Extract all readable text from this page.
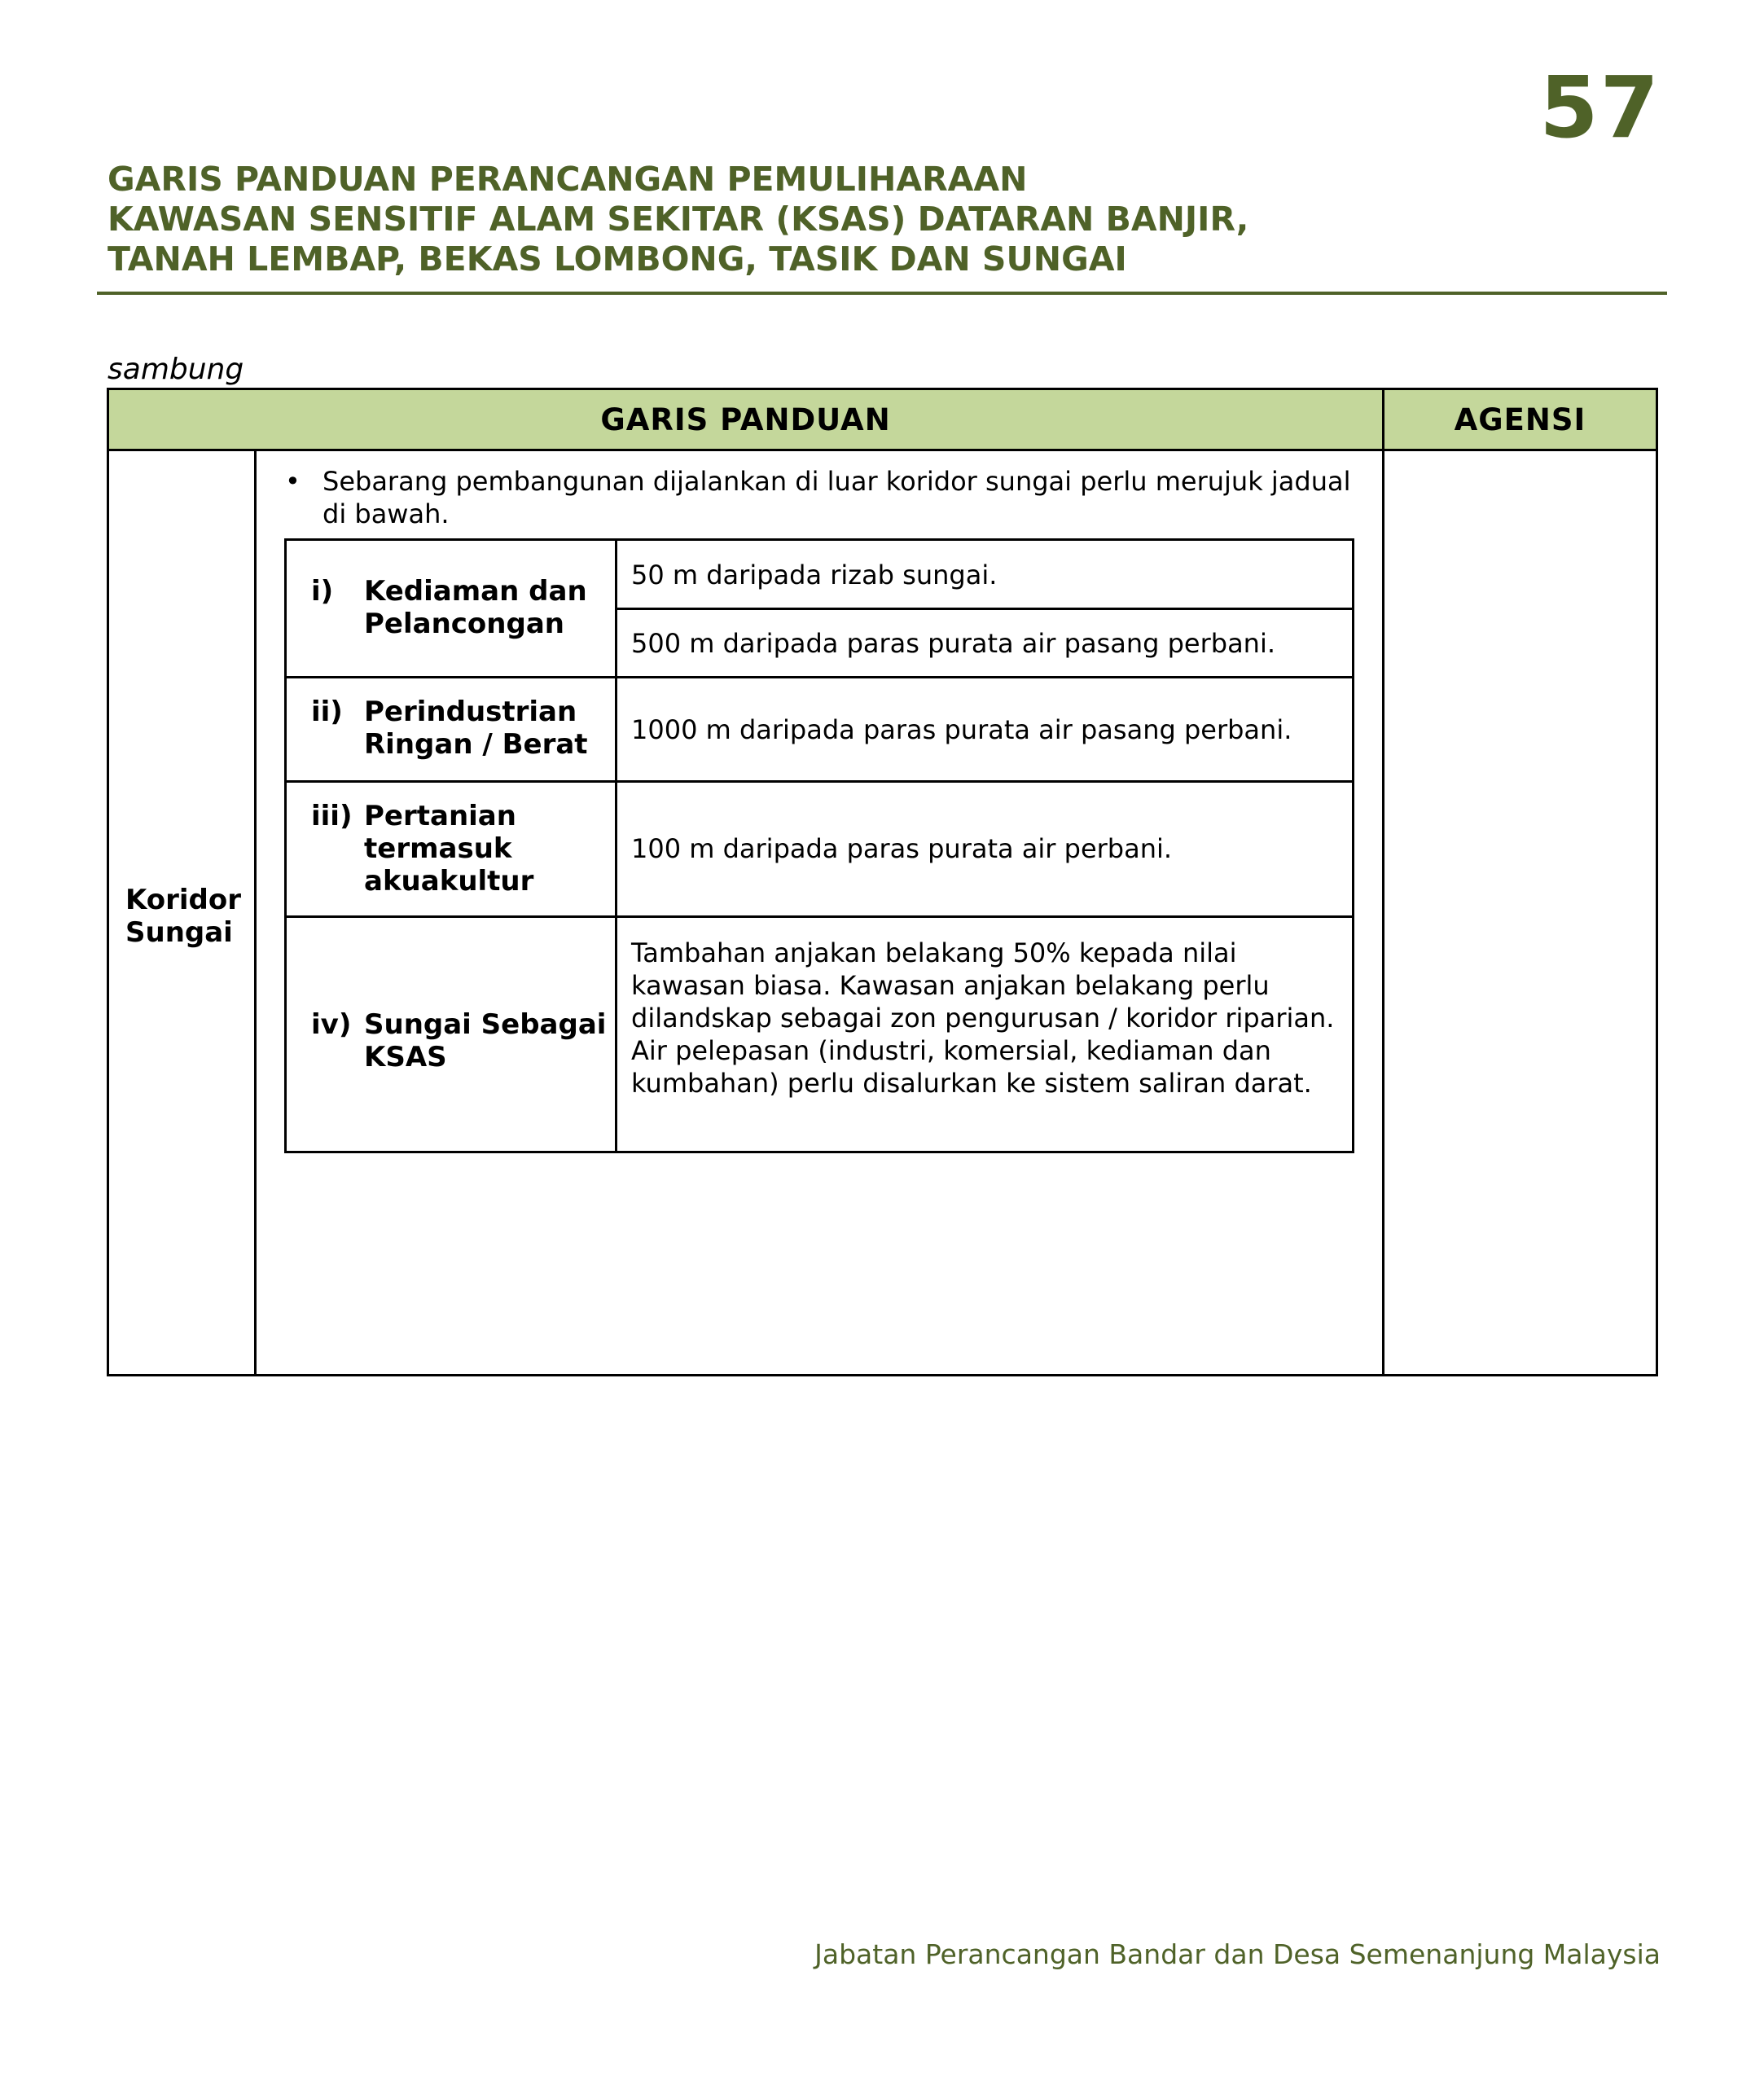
57
GARIS PANDUAN PERANCANGAN PEMULIHARAAN
KAWASAN SENSITIF ALAM SEKITAR (KSAS) DATARAN BANJIR,
TANAH LEMBAP, BEKAS LOMBONG, TASIK DAN SUNGAI
sambung
GARIS PANDUAN	AGENSI
Koridor
Sungai
• Sebarang pembangunan dijalankan di luar koridor sungai perlu merujuk jadual di bawah.
i) Kediaman dan Pelancongan
50 m daripada rizab sungai.
500 m daripada paras purata air pasang perbani.
ii) Perindustrian Ringan / Berat	1000 m daripada paras purata air pasang perbani.
iii) Pertanian termasuk akuakultur
100 m daripada paras purata air perbani.
iv) Sungai Sebagai KSAS
Tambahan anjakan belakang 50% kepada nilai kawasan biasa. Kawasan anjakan belakang perlu dilandskap sebagai zon pengurusan / koridor riparian. Air pelepasan (industri, komersial, kediaman dan kumbahan) perlu disalurkan ke sistem saliran darat.
Jabatan Perancangan Bandar dan Desa Semenanjung Malaysia
